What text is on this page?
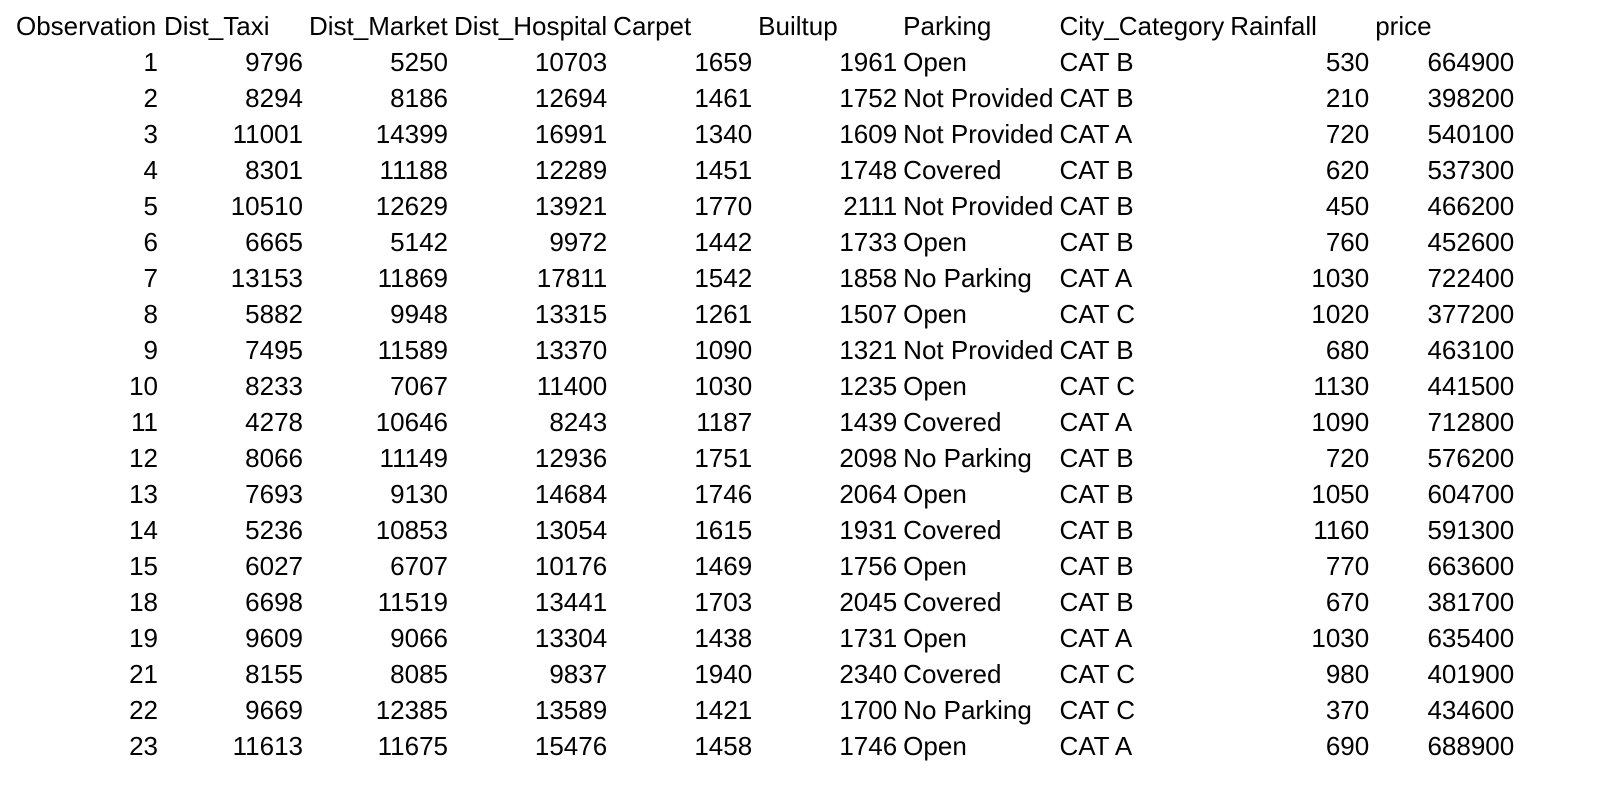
Observation	Dist_Taxi	Dist_Market	Dist_Hospital	Carpet	Builtup	Parking	City_Category	Rainfall	price
1	9796	5250	10703	1659	1961	Open	CAT B	530	664900
2	8294	8186	12694	1461	1752	Not Provided	CAT B	210	398200
3	11001	14399	16991	1340	1609	Not Provided	CAT A	720	540100
4	8301	11188	12289	1451	1748	Covered	CAT B	620	537300
5	10510	12629	13921	1770	2111	Not Provided	CAT B	450	466200
6	6665	5142	9972	1442	1733	Open	CAT B	760	452600
7	13153	11869	17811	1542	1858	No Parking	CAT A	1030	722400
8	5882	9948	13315	1261	1507	Open	CAT C	1020	377200
9	7495	11589	13370	1090	1321	Not Provided	CAT B	680	463100
10	8233	7067	11400	1030	1235	Open	CAT C	1130	441500
11	4278	10646	8243	1187	1439	Covered	CAT A	1090	712800
12	8066	11149	12936	1751	2098	No Parking	CAT B	720	576200
13	7693	9130	14684	1746	2064	Open	CAT B	1050	604700
14	5236	10853	13054	1615	1931	Covered	CAT B	1160	591300
15	6027	6707	10176	1469	1756	Open	CAT B	770	663600
18	6698	11519	13441	1703	2045	Covered	CAT B	670	381700
19	9609	9066	13304	1438	1731	Open	CAT A	1030	635400
21	8155	8085	9837	1940	2340	Covered	CAT C	980	401900
22	9669	12385	13589	1421	1700	No Parking	CAT C	370	434600
23	11613	11675	15476	1458	1746	Open	CAT A	690	688900
